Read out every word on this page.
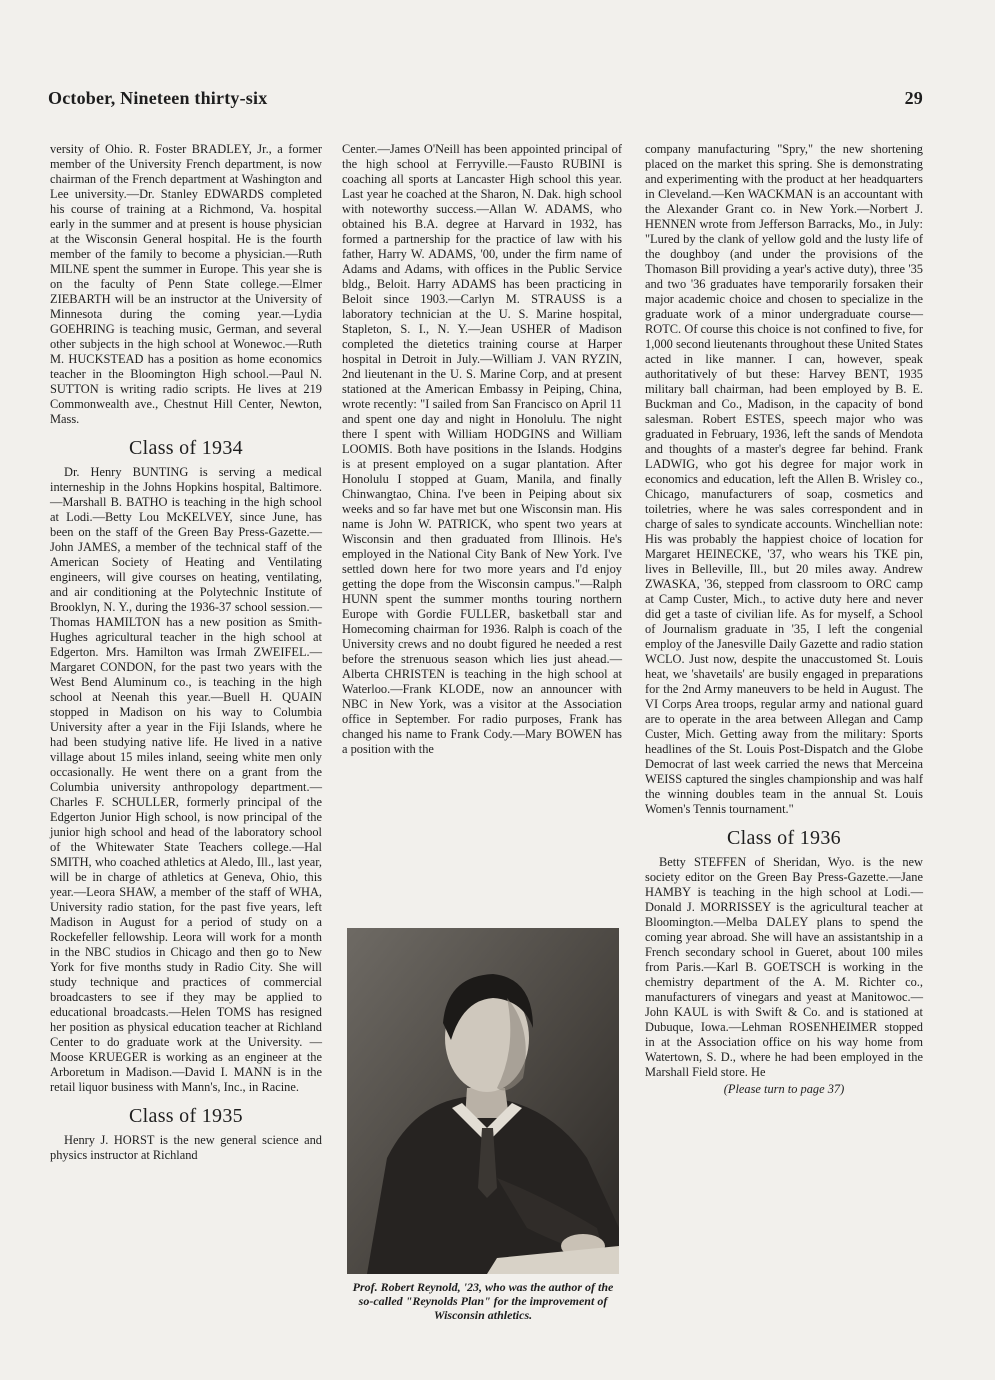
October, Nineteen thirty-six	29

versity of Ohio. R. Foster BRADLEY, Jr., a former member of the University French department, is now chairman of the French department at Washington and Lee university.—Dr. Stanley EDWARDS completed his course of training at a Richmond, Va. hospital early in the summer and at present is house physician at the Wisconsin General hospital. He is the fourth member of the family to become a physician.—Ruth MILNE spent the summer in Europe. This year she is on the faculty of Penn State college.—Elmer ZIEBARTH will be an instructor at the University of Minnesota during the coming year.—Lydia GOEHRING is teaching music, German, and several other subjects in the high school at Wonewoc.—Ruth M. HUCKSTEAD has a position as home economics teacher in the Bloomington High school.—Paul N. SUTTON is writing radio scripts. He lives at 219 Commonwealth ave., Chestnut Hill Center, Newton, Mass.

Class of 1934

Dr. Henry BUNTING is serving a medical interneship in the Johns Hopkins hospital, Baltimore.—Marshall B. BATHO is teaching in the high school at Lodi.—Betty Lou McKELVEY, since June, has been on the staff of the Green Bay Press-Gazette.—John JAMES, a member of the technical staff of the American Society of Heating and Ventilating engineers, will give courses on heating, ventilating, and air conditioning at the Polytechnic Institute of Brooklyn, N. Y., during the 1936-37 school session.—Thomas HAMILTON has a new position as Smith-Hughes agricultural teacher in the high school at Edgerton. Mrs. Hamilton was Irmah ZWEIFEL.—Margaret CONDON, for the past two years with the West Bend Aluminum co., is teaching in the high school at Neenah this year.—Buell H. QUAIN stopped in Madison on his way to Columbia University after a year in the Fiji Islands, where he had been studying native life. He lived in a native village about 15 miles inland, seeing white men only occasionally. He went there on a grant from the Columbia university anthropology department.—Charles F. SCHULLER, formerly principal of the Edgerton Junior High school, is now principal of the junior high school and head of the laboratory school of the Whitewater State Teachers college.—Hal SMITH, who coached athletics at Aledo, Ill., last year, will be in charge of athletics at Geneva, Ohio, this year.—Leora SHAW, a member of the staff of WHA, University radio station, for the past five years, left Madison in August for a period of study on a Rockefeller fellowship. Leora will work for a month in the NBC studios in Chicago and then go to New York for five months study in Radio City. She will study technique and practices of commercial broadcasters to see if they may be applied to educational broadcasts.—Helen TOMS has resigned her position as physical education teacher at Richland Center to do graduate work at the University. — Moose KRUEGER is working as an engineer at the Arboretum in Madison.—David I. MANN is in the retail liquor business with Mann's, Inc., in Racine.

Class of 1935

Henry J. HORST is the new general science and physics instructor at Richland

Center.—James O'Neill has been appointed principal of the high school at Ferryville.—Fausto RUBINI is coaching all sports at Lancaster High school this year. Last year he coached at the Sharon, N. Dak. high school with noteworthy success.—Allan W. ADAMS, who obtained his B.A. degree at Harvard in 1932, has formed a partnership for the practice of law with his father, Harry W. ADAMS, '00, under the firm name of Adams and Adams, with offices in the Public Service bldg., Beloit. Harry ADAMS has been practicing in Beloit since 1903.—Carlyn M. STRAUSS is a laboratory technician at the U. S. Marine hospital, Stapleton, S. I., N. Y.—Jean USHER of Madison completed the dietetics training course at Harper hospital in Detroit in July.—William J. VAN RYZIN, 2nd lieutenant in the U. S. Marine Corp, and at present stationed at the American Embassy in Peiping, China, wrote recently: "I sailed from San Francisco on April 11 and spent one day and night in Honolulu. The night there I spent with William HODGINS and William LOOMIS. Both have positions in the Islands. Hodgins is at present employed on a sugar plantation. After Honolulu I stopped at Guam, Manila, and finally Chinwangtao, China. I've been in Peiping about six weeks and so far have met but one Wisconsin man. His name is John W. PATRICK, who spent two years at Wisconsin and then graduated from Illinois. He's employed in the National City Bank of New York. I've settled down here for two more years and I'd enjoy getting the dope from the Wisconsin campus."—Ralph HUNN spent the summer months touring northern Europe with Gordie FULLER, basketball star and Homecoming chairman for 1936. Ralph is coach of the University crews and no doubt figured he needed a rest before the strenuous season which lies just ahead.—Alberta CHRISTEN is teaching in the high school at Waterloo.—Frank KLODE, now an announcer with NBC in New York, was a visitor at the Association office in September. For radio purposes, Frank has changed his name to Frank Cody.—Mary BOWEN has a position with the

Prof. Robert Reynold, '23, who was the author of the so-called "Reynolds Plan" for the improvement of Wisconsin athletics.

company manufacturing "Spry," the new shortening placed on the market this spring. She is demonstrating and experimenting with the product at her headquarters in Cleveland.—Ken WACKMAN is an accountant with the Alexander Grant co. in New York.—Norbert J. HENNEN wrote from Jefferson Barracks, Mo., in July: "Lured by the clank of yellow gold and the lusty life of the doughboy (and under the provisions of the Thomason Bill providing a year's active duty), three '35 and two '36 graduates have temporarily forsaken their major academic choice and chosen to specialize in the graduate work of a minor undergraduate course—ROTC. Of course this choice is not confined to five, for 1,000 second lieutenants throughout these United States acted in like manner. I can, however, speak authoritatively of but these: Harvey BENT, 1935 military ball chairman, had been employed by B. E. Buckman and Co., Madison, in the capacity of bond salesman. Robert ESTES, speech major who was graduated in February, 1936, left the sands of Mendota and thoughts of a master's degree far behind. Frank LADWIG, who got his degree for major work in economics and education, left the Allen B. Wrisley co., Chicago, manufacturers of soap, cosmetics and toiletries, where he was sales correspondent and in charge of sales to syndicate accounts. Winchellian note: His was probably the happiest choice of location for Margaret HEINECKE, '37, who wears his TKE pin, lives in Belleville, Ill., but 20 miles away. Andrew ZWASKA, '36, stepped from classroom to ORC camp at Camp Custer, Mich., to active duty here and never did get a taste of civilian life. As for myself, a School of Journalism graduate in '35, I left the congenial employ of the Janesville Daily Gazette and radio station WCLO. Just now, despite the unaccustomed St. Louis heat, we 'shavetails' are busily engaged in preparations for the 2nd Army maneuvers to be held in August. The VI Corps Area troops, regular army and national guard are to operate in the area between Allegan and Camp Custer, Mich. Getting away from the military: Sports headlines of the St. Louis Post-Dispatch and the Globe Democrat of last week carried the news that Merceina WEISS captured the singles championship and was half the winning doubles team in the annual St. Louis Women's Tennis tournament."

Class of 1936

Betty STEFFEN of Sheridan, Wyo. is the new society editor on the Green Bay Press-Gazette.—Jane HAMBY is teaching in the high school at Lodi.—Donald J. MORRISSEY is the agricultural teacher at Bloomington.—Melba DALEY plans to spend the coming year abroad. She will have an assistantship in a French secondary school in Gueret, about 100 miles from Paris.—Karl B. GOETSCH is working in the chemistry department of the A. M. Richter co., manufacturers of vinegars and yeast at Manitowoc.—John KAUL is with Swift & Co. and is stationed at Dubuque, Iowa.—Lehman ROSENHEIMER stopped in at the Association office on his way home from Watertown, S. D., where he had been employed in the Marshall Field store. He

(Please turn to page 37)
